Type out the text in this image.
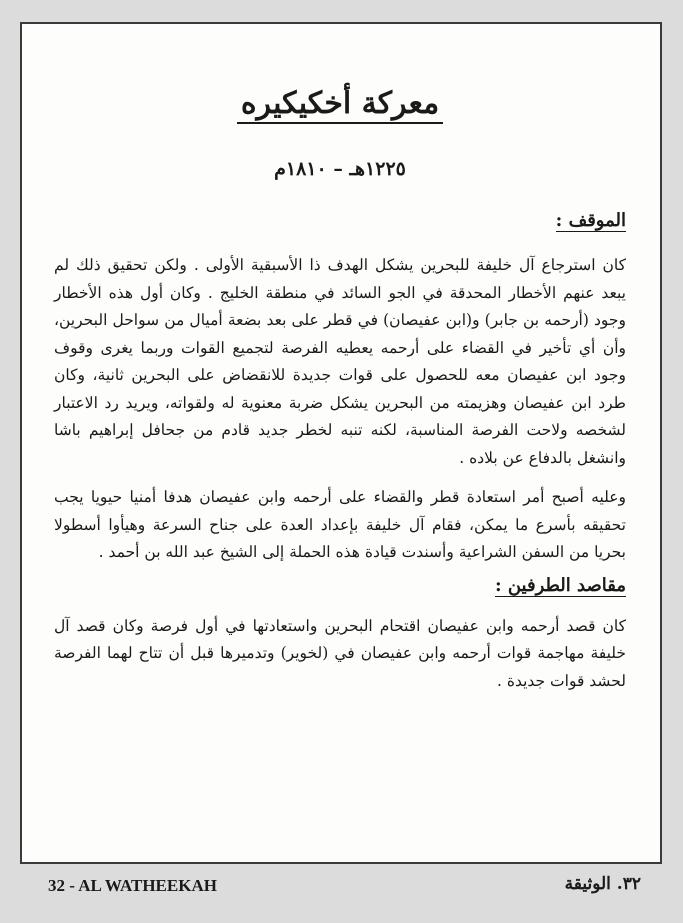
معركة أخكيكيره
١٢٢٥هـ – ١٨١٠م
الموقف :

كان استرجاع آل خليفة للبحرين يشكل الهدف ذا الأسبقية الأولى . ولكن تحقيق ذلك لم يبعد عنهم الأخطار المحدقة في الجو السائد في منطقة الخليج . وكان أول هذه الأخطار وجود (أرحمه بن جابر) و(ابن عفيصان) في قطر على بعد بضعة أميال من سواحل البحرين، وأن أي تأخير في القضاء على أرحمه يعطيه الفرصة لتجميع القوات وربما يغرى وقوف وجود ابن عفيصان معه للحصول على قوات جديدة للانقضاض على البحرين ثانية، وكان طرد ابن عفيصان وهزيمته من البحرين يشكل ضربة معنوية له ولقواته، ويريد رد الاعتبار لشخصه ولاحت الفرصة المناسبة، لكنه تنبه لخطر جديد قادم من جحافل إبراهيم باشا وانشغل بالدفاع عن بلاده .

وعليه أصبح أمر استعادة قطر والقضاء على أرحمه وابن عفيصان هدفا أمنيا حيويا يجب تحقيقه بأسرع ما يمكن، فقام آل خليفة بإعداد العدة على جناح السرعة وهيأوا أسطولا بحريا من السفن الشراعية وأسندت قيادة هذه الحملة إلى الشيخ عبد الله بن أحمد .

مقاصد الطرفين :

كان قصد أرحمه وابن عفيصان اقتحام البحرين واستعادتها في أول فرصة وكان قصد آل خليفة مهاجمة قوات أرحمه وابن عفيصان في (لخوير) وتدميرها قبل أن تتاح لهما الفرصة لحشد قوات جديدة .

32 - AL WATHEEKAH	٣٢. الوثيقة
